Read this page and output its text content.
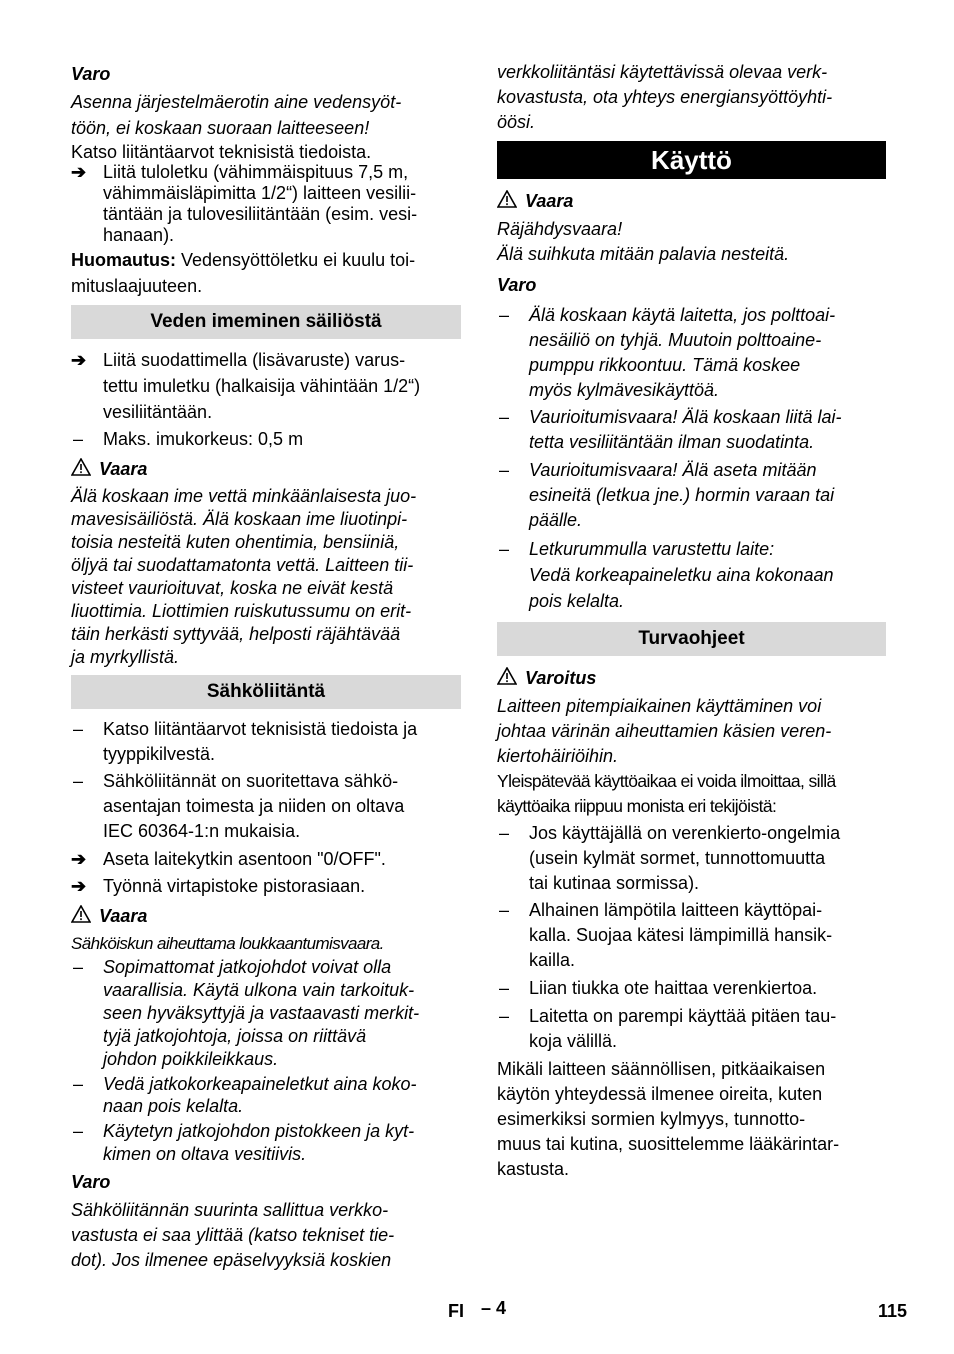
Varo

Asenna järjestelmäerotin aine vedensyöt-

töön, ei koskaan suoraan laitteeseen!

Katso liitäntäarvot teknisistä tiedoista.

➔ Liitä tuloletku (vähimmäispituus 7,5 m,

vähimmäisläpimitta 1/2“) laitteen vesilii-

täntään ja tulovesiliitäntään (esim. vesi-

hanaan).

Huomautus: Vedensyöttöletku ei kuulu toi-

mituslaajuuteen.

Veden imeminen säiliöstä
➔ Liitä suodattimella (lisävaruste) varus-

tettu imuletku (halkaisija vähintään 1/2“)

vesiliitäntään.

– Maks. imukorkeus: 0,5 m

Vaara

Älä koskaan ime vettä minkäänlaisesta juo-

mavesisäiliöstä. Älä koskaan ime liuotinpi-

toisia nesteitä kuten ohentimia, bensiiniä,

öljyä tai suodattamatonta vettä. Laitteen tii-

visteet vaurioituvat, koska ne eivät kestä

liuottimia. Liottimien ruiskutussumu on erit-

täin herkästi syttyvää, helposti räjähtävää

ja myrkyllistä.

Sähköliitäntä
– Katso liitäntäarvot teknisistä tiedoista ja

tyyppikilvestä.

– Sähköliitännät on suoritettava sähkö-

asentajan toimesta ja niiden on oltava

IEC 60364-1:n mukaisia.

➔ Aseta laitekytkin asentoon "0/OFF".

➔ Työnnä virtapistoke pistorasiaan.

Vaara

Sähköiskun aiheuttama loukkaantumisvaara.

– Sopimattomat jatkojohdot voivat olla

vaarallisia. Käytä ulkona vain tarkoituk-

seen hyväksyttyjä ja vastaavasti merkit-

tyjä jatkojohtoja, joissa on riittävä

johdon poikkileikkaus.

– Vedä jatkokorkeapaineletkut aina koko-

naan pois kelalta.

– Käytetyn jatkojohdon pistokkeen ja kyt-

kimen on oltava vesitiivis.

Varo

Sähköliitännän suurinta sallittua verkko-

vastusta ei saa ylittää (katso tekniset tie-

dot). Jos ilmenee epäselvyyksiä koskien

verkkoliitäntäsi käytettävissä olevaa verk-

kovastusta, ota yhteys energiansyöttöyhti-

öösi.

Käyttö
Vaara

Räjähdysvaara!

Älä suihkuta mitään palavia nesteitä.

Varo

– Älä koskaan käytä laitetta, jos polttoai-

nesäiliö on tyhjä. Muutoin polttoaine-

pumppu rikkoontuu. Tämä koskee

myös kylmävesikäyttöä.

– Vaurioitumisvaara! Älä koskaan liitä lai-

tetta vesiliitäntään ilman suodatinta.

– Vaurioitumisvaara! Älä aseta mitään

esineitä (letkua jne.) hormin varaan tai

päälle.

– Letkurummulla varustettu laite:

Vedä korkeapaineletku aina kokonaan

pois kelalta.

Turvaohjeet
Varoitus

Laitteen pitempiaikainen käyttäminen voi

johtaa värinän aiheuttamien käsien veren-

kiertohäiriöihin.

Yleispätevää käyttöaikaa ei voida ilmoittaa, sillä

käyttöaika riippuu monista eri tekijöistä:

– Jos käyttäjällä on verenkierto-ongelmia

(usein kylmät sormet, tunnottomuutta

tai kutinaa sormissa).

– Alhainen lämpötila laitteen käyttöpai-

kalla. Suojaa kätesi lämpimillä hansik-

kailla.

– Liian tiukka ote haittaa verenkiertoa.

– Laitetta on parempi käyttää pitäen tau-

koja välillä.

Mikäli laitteen säännöllisen, pitkäaikaisen

käytön yhteydessä ilmenee oireita, kuten

esimerkiksi sormien kylmyys, tunnotto-

muus tai kutina, suosittelemme lääkärintar-

kastusta.

FI – 4	115
